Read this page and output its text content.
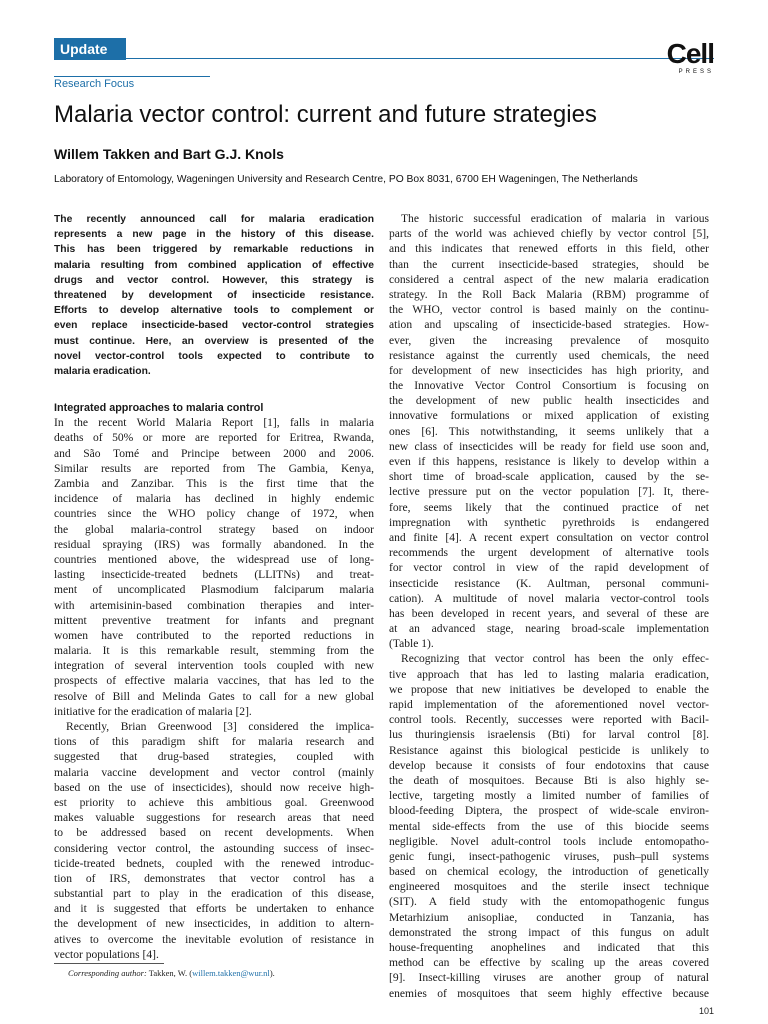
Update	Cell
PRESS
Research Focus
Malaria vector control: current and future strategies
Willem Takken and Bart G.J. Knols
Laboratory of Entomology, Wageningen University and Research Centre, PO Box 8031, 6700 EH Wageningen, The Netherlands
The recently announced call for malaria eradication
represents a new page in the history of this disease.
This has been triggered by remarkable reductions in
malaria resulting from combined application of effective
drugs and vector control. However, this strategy is
threatened by development of insecticide resistance.
Efforts to develop alternative tools to complement or
even replace insecticide-based vector-control strategies
must continue. Here, an overview is presented of the
novel vector-control tools expected to contribute to
malaria eradication.
Integrated approaches to malaria control
In the recent World Malaria Report [1], falls in malaria
deaths of 50% or more are reported for Eritrea, Rwanda,
and São Tomé and Principe between 2000 and 2006.
Similar results are reported from The Gambia, Kenya,
Zambia and Zanzibar. This is the first time that the
incidence of malaria has declined in highly endemic
countries since the WHO policy change of 1972, when
the global malaria-control strategy based on indoor
residual spraying (IRS) was formally abandoned. In the
countries mentioned above, the widespread use of long-
lasting insecticide-treated bednets (LLITNs) and treat-
ment of uncomplicated Plasmodium falciparum malaria
with artemisinin-based combination therapies and inter-
mittent preventive treatment for infants and pregnant
women have contributed to the reported reductions in
malaria. It is this remarkable result, stemming from the
integration of several intervention tools coupled with new
prospects of effective malaria vaccines, that has led to the
resolve of Bill and Melinda Gates to call for a new global
initiative for the eradication of malaria [2].
Recently, Brian Greenwood [3] considered the implica-
tions of this paradigm shift for malaria research and
suggested that drug-based strategies, coupled with
malaria vaccine development and vector control (mainly
based on the use of insecticides), should now receive high-
est priority to achieve this ambitious goal. Greenwood
makes valuable suggestions for research areas that need
to be addressed based on recent developments. When
considering vector control, the astounding success of insec-
ticide-treated bednets, coupled with the renewed introduc-
tion of IRS, demonstrates that vector control has a
substantial part to play in the eradication of this disease,
and it is suggested that efforts be undertaken to enhance
the development of new insecticides, in addition to altern-
atives to overcome the inevitable evolution of resistance in
vector populations [4].
The historic successful eradication of malaria in various
parts of the world was achieved chiefly by vector control [5],
and this indicates that renewed efforts in this field, other
than the current insecticide-based strategies, should be
considered a central aspect of the new malaria eradication
strategy. In the Roll Back Malaria (RBM) programme of
the WHO, vector control is based mainly on the continu-
ation and upscaling of insecticide-based strategies. How-
ever, given the increasing prevalence of mosquito
resistance against the currently used chemicals, the need
for development of new insecticides has high priority, and
the Innovative Vector Control Consortium is focusing on
the development of new public health insecticides and
innovative formulations or mixed application of existing
ones [6]. This notwithstanding, it seems unlikely that a
new class of insecticides will be ready for field use soon and,
even if this happens, resistance is likely to develop within a
short time of broad-scale application, caused by the se-
lective pressure put on the vector population [7]. It, there-
fore, seems likely that the continued practice of net
impregnation with synthetic pyrethroids is endangered
and finite [4]. A recent expert consultation on vector control
recommends the urgent development of alternative tools
for vector control in view of the rapid development of
insecticide resistance (K. Aultman, personal communi-
cation). A multitude of novel malaria vector-control tools
has been developed in recent years, and several of these are
at an advanced stage, nearing broad-scale implementation
(Table 1).
Recognizing that vector control has been the only effec-
tive approach that has led to lasting malaria eradication,
we propose that new initiatives be developed to enable the
rapid implementation of the aforementioned novel vector-
control tools. Recently, successes were reported with Bacil-
lus thuringiensis israelensis (Bti) for larval control [8].
Resistance against this biological pesticide is unlikely to
develop because it consists of four endotoxins that cause
the death of mosquitoes. Because Bti is also highly se-
lective, targeting mostly a limited number of families of
blood-feeding Diptera, the prospect of wide-scale environ-
mental side-effects from the use of this biocide seems
negligible. Novel adult-control tools include entomopatho-
genic fungi, insect-pathogenic viruses, push–pull systems
based on chemical ecology, the introduction of genetically
engineered mosquitoes and the sterile insect technique
(SIT). A field study with the entomopathogenic fungus
Metarhizium anisopliae, conducted in Tanzania, has
demonstrated the strong impact of this fungus on adult
house-frequenting anophelines and indicated that this
method can be effective by scaling up the areas covered
[9]. Insect-killing viruses are another group of natural
enemies of mosquitoes that seem highly effective because
Corresponding author: Takken, W. (willem.takken@wur.nl).
101
